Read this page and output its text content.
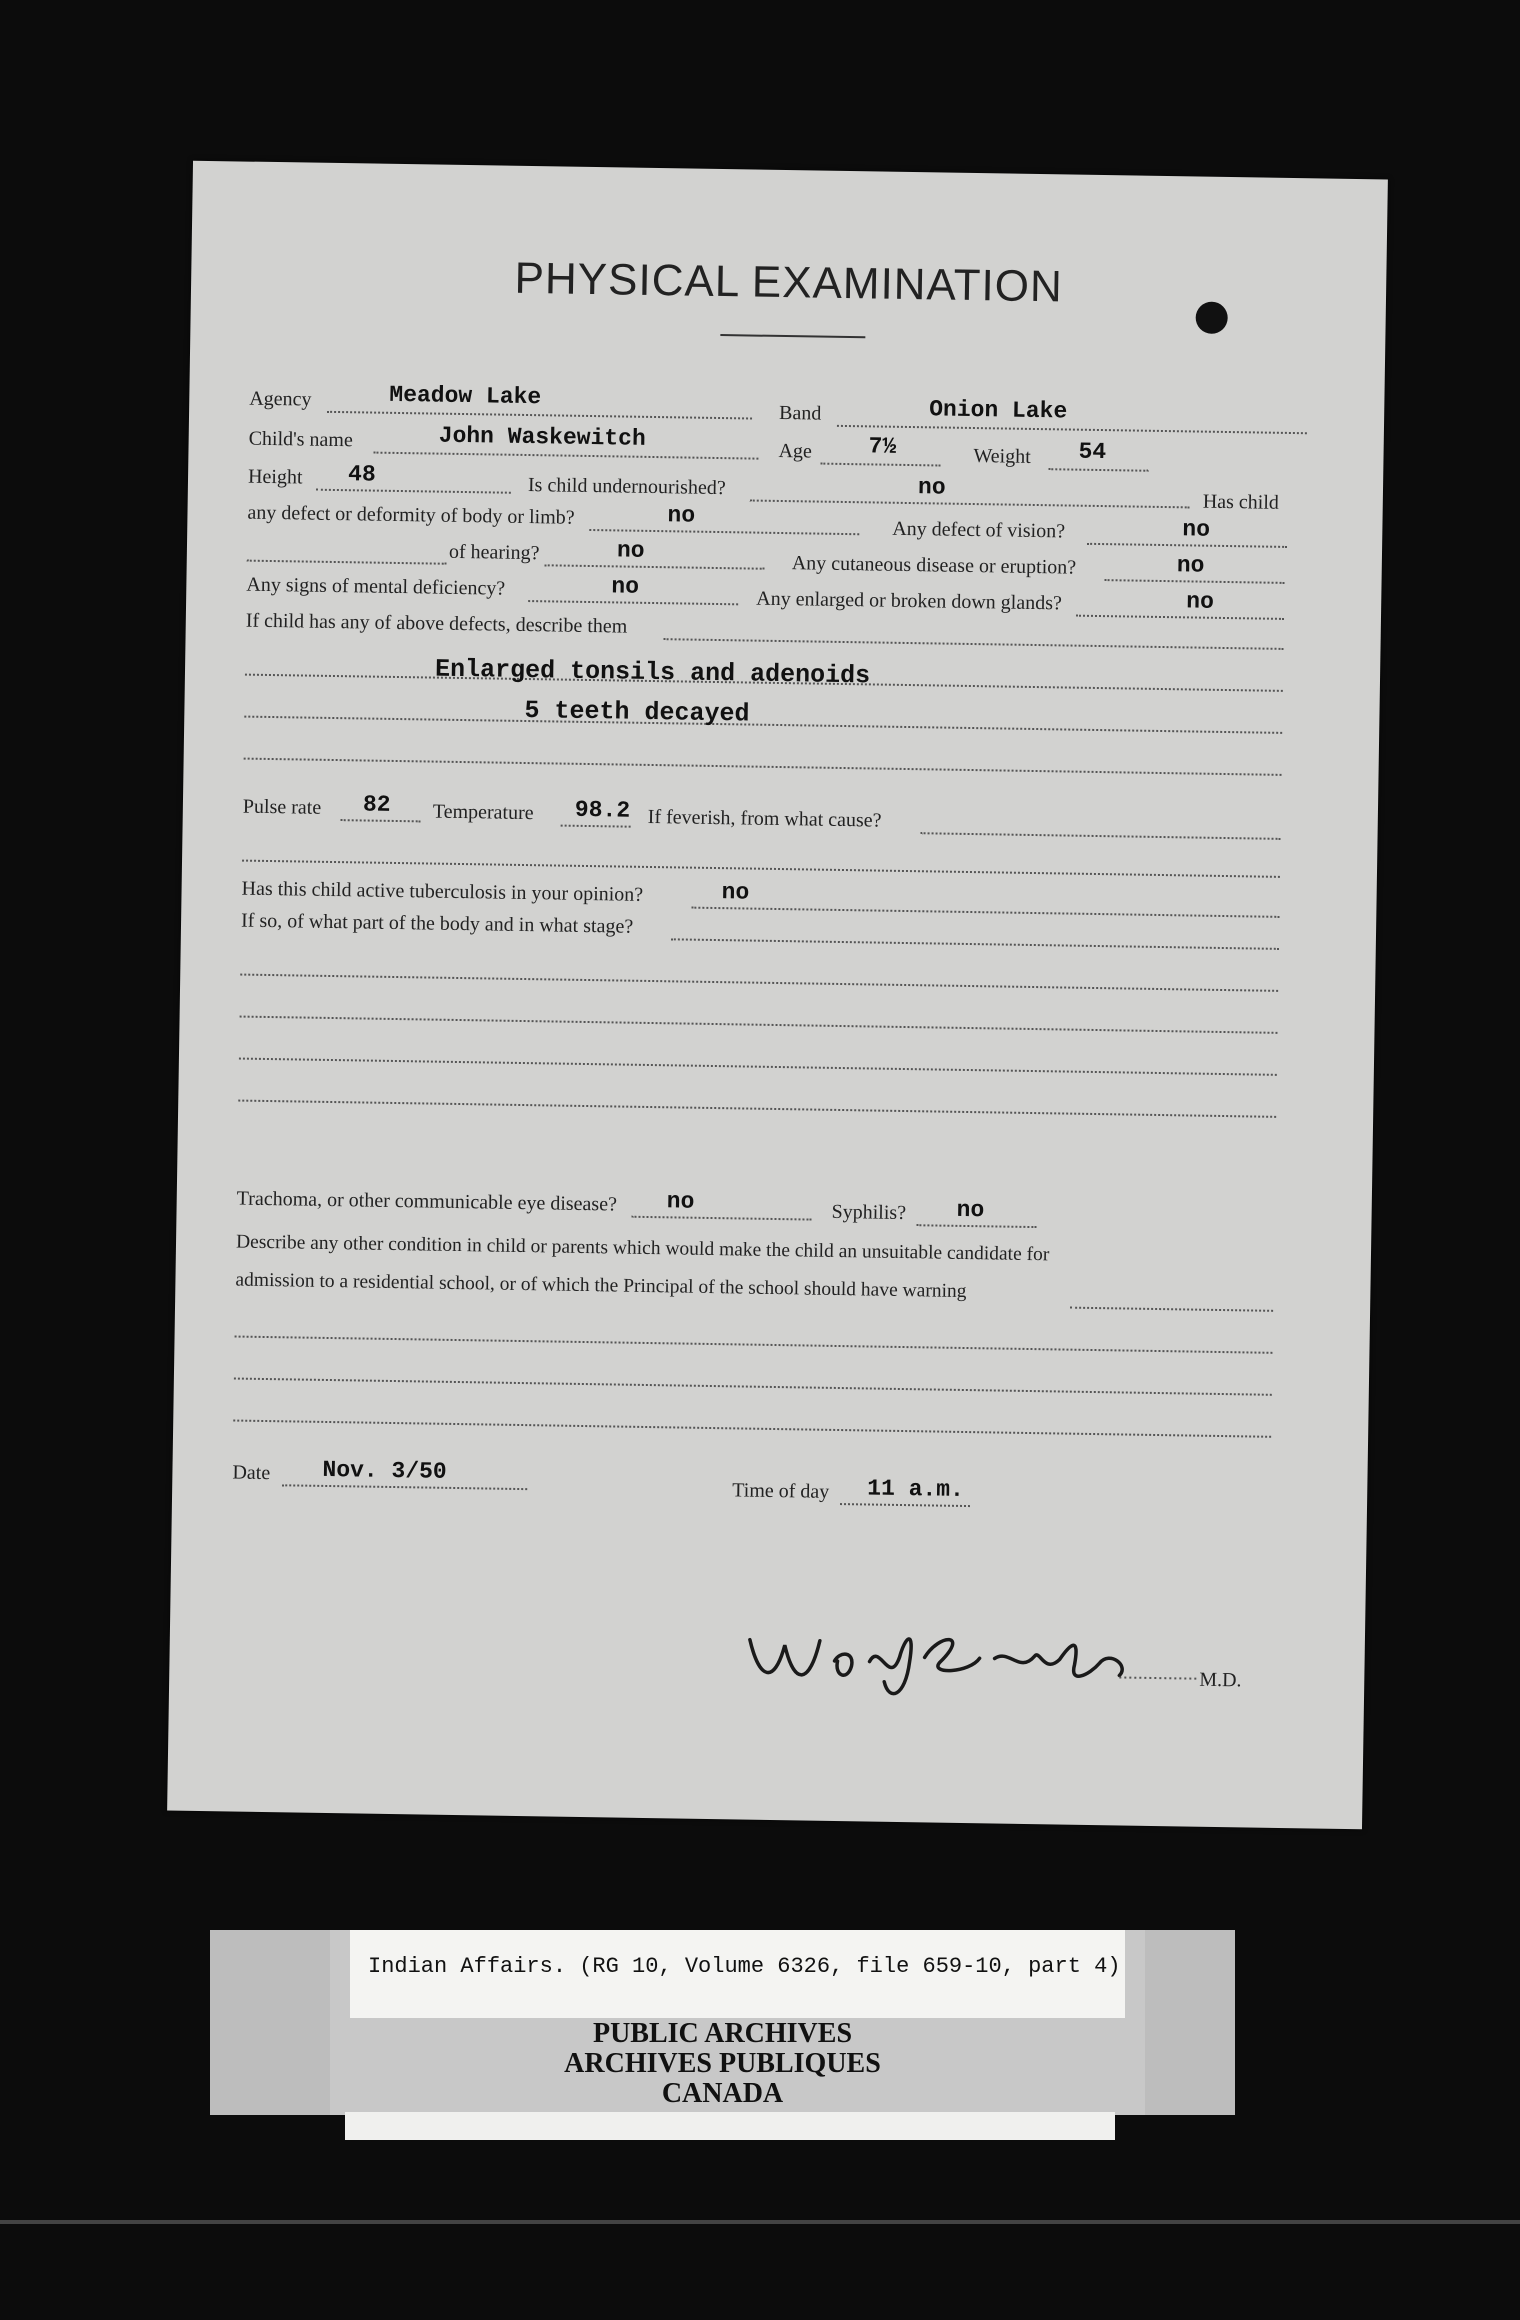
PHYSICAL EXAMINATION
Agency	Meadow Lake
Band	Onion Lake
Child's name	John Waskewitch	Age 7½	Weight 54
Height 48	Is child undernourished?	no
Has child
any defect or deformity of body or limb?	no
Any defect of vision?	no
of hearing?	no
Any cutaneous disease or eruption?	no
Any signs of mental deficiency?	no
Any enlarged or broken down glands?	no
If child has any of above defects, describe them
Enlarged tonsils and adenoids
5 teeth decayed
Pulse rate 82 Temperature 98.2 If feverish, from what cause?
Has this child active tuberculosis in your opinion?	no
If so, of what part of the body and in what stage?
Trachoma, or other communicable eye disease? no	Syphilis? no
Describe any other condition in child or parents which would make the child an unsuitable candidate for
admission to a residential school, or of which the Principal of the school should have warning
Date Nov. 3/50
Time of day 11 a.m.
M.D.
Indian Affairs. (RG 10, Volume 6326, file 659-10, part 4)
PUBLIC ARCHIVES
ARCHIVES PUBLIQUES
CANADA
